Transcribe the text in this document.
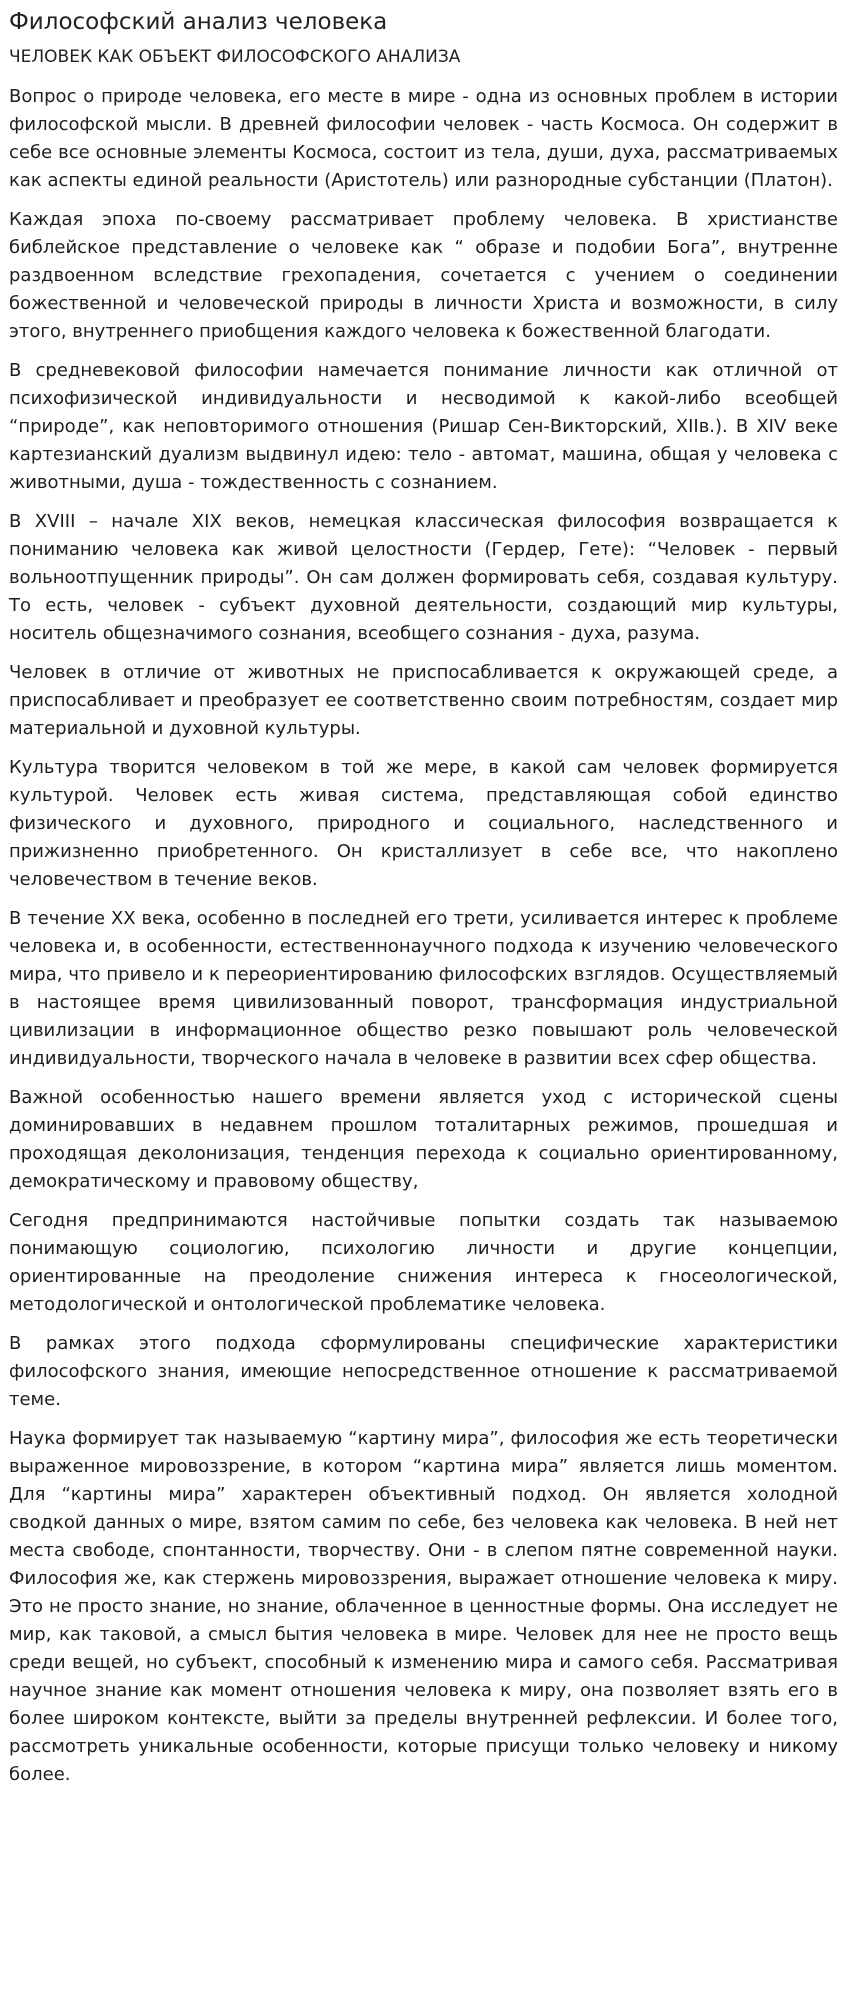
Философский анализ человека
ЧЕЛОВЕК КАК ОБЪЕКТ ФИЛОСОФСКОГО АНАЛИЗА

Вопрос о природе человека, его месте в мире - одна из основных проблем в истории философской мысли. В древней философии человек - часть Космоса. Он содержит в себе все основные элементы Космоса, состоит из тела, души, духа, рассматриваемых как аспекты единой реальности (Аристотель) или разнородные субстанции (Платон).

Каждая эпоха по-своему рассматривает проблему человека. В христианстве библейское представление о человеке как “ образе и подобии Бога”, внутренне раздвоенном вследствие грехопадения, сочетается с учением о соединении божественной и человеческой природы в личности Христа и возможности, в силу этого, внутреннего приобщения каждого человека к божественной благодати.

В средневековой философии намечается понимание личности как отличной от психофизической индивидуальности и несводимой к какой-либо всеобщей “природе”, как неповторимого отношения (Ришар Сен-Викторский, XIIв.). В XIV веке картезианский дуализм выдвинул идею: тело - автомат, машина, общая у человека с животными, душа - тождественность с сознанием.

В XVIII – начале XIX веков, немецкая классическая философия возвращается к пониманию человека как живой целостности (Гердер, Гете): “Человек - первый вольноотпущенник природы”. Он сам должен формировать себя, создавая культуру. То есть, человек - субъект духовной деятельности, создающий мир культуры, носитель общезначимого сознания, всеобщего сознания - духа, разума.

Человек в отличие от животных не приспосабливается к окружающей среде, а приспосабливает и преобразует ее соответственно своим потребностям, создает мир материальной и духовной культуры.

Культура творится человеком в той же мере, в какой сам человек формируется культурой. Человек есть живая система, представляющая собой единство физического и духовного, природного и социального, наследственного и прижизненно приобретенного. Он кристаллизует в себе все, что накоплено человечеством в течение веков.

В течение XX века, особенно в последней его трети, усиливается интерес к проблеме человека и, в особенности, естественнонаучного подхода к изучению человеческого мира, что привело и к переориентированию философских взглядов. Осуществляемый в настоящее время цивилизованный поворот, трансформация индустриальной цивилизации в информационное общество резко повышают роль человеческой индивидуальности, творческого начала в человеке в развитии всех сфер общества.

Важной особенностью нашего времени является уход с исторической сцены доминировавших в недавнем прошлом тоталитарных режимов, прошедшая и проходящая деколонизация, тенденция перехода к социально ориентированному, демократическому и правовому обществу,

Сегодня предпринимаются настойчивые попытки создать так называемою понимающую социологию, психологию личности и другие концепции, ориентированные на преодоление снижения интереса к гносеологической, методологической и онтологической проблематике человека.

В рамках этого подхода сформулированы специфические характеристики философского знания, имеющие непосредственное отношение к рассматриваемой теме.

Наука формирует так называемую “картину мира”, философия же есть теоретически выраженное мировоззрение, в котором “картина мира” является лишь моментом. Для “картины мира” характерен объективный подход. Он является холодной сводкой данных о мире, взятом самим по себе, без человека как человека. В ней нет места свободе, спонтанности, творчеству. Они - в слепом пятне современной науки. Философия же, как стержень мировоззрения, выражает отношение человека к миру. Это не просто знание, но знание, облаченное в ценностные формы. Она исследует не мир, как таковой, а смысл бытия человека в мире. Человек для нее не просто вещь среди вещей, но субъект, способный к изменению мира и самого себя. Рассматривая научное знание как момент отношения человека к миру, она позволяет взять его в более широком контексте, выйти за пределы внутренней рефлексии. И более того, рассмотреть уникальные особенности, которые присущи только человеку и никому более.
